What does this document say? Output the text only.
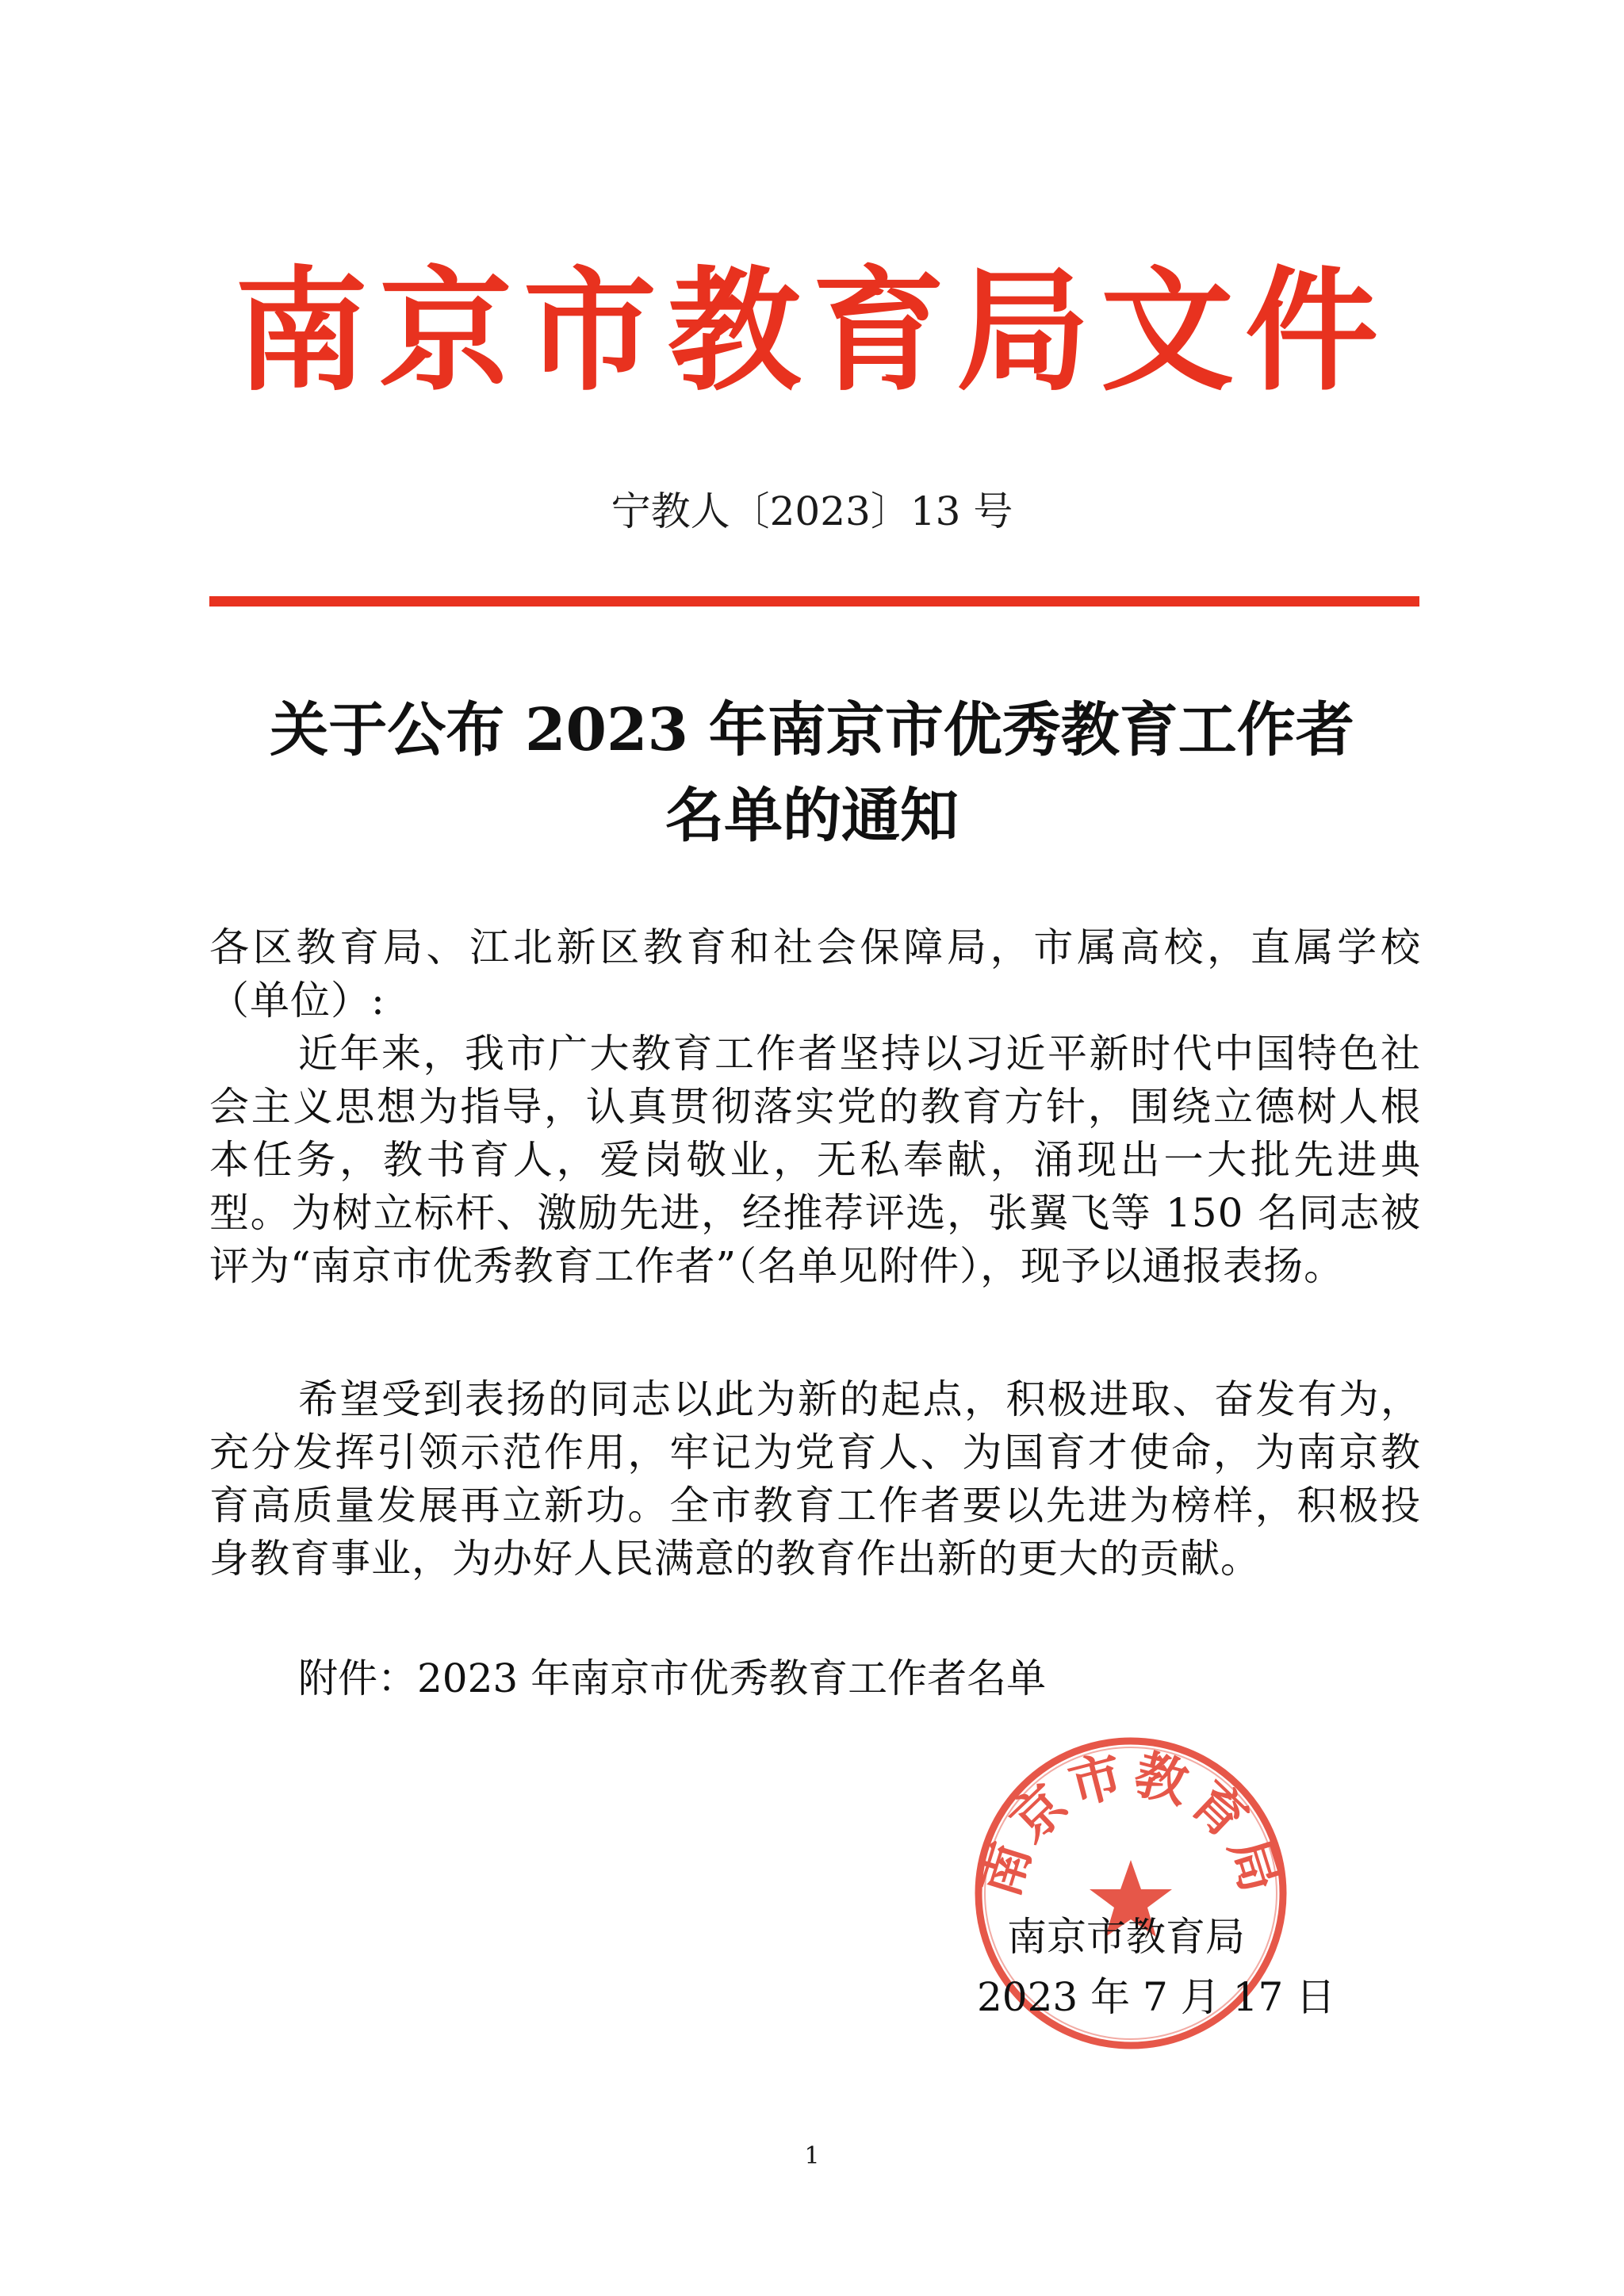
南京市教育局文件
宁教人〔2023〕13 号
关于公布 2023 年南京市优秀教育工作者
名单的通知
各区教育局、江北新区教育和社会保障局，市属高校，直属学校（单位）:
近年来，我市广大教育工作者坚持以习近平新时代中国特色社会主义思想为指导，认真贯彻落实党的教育方针，围绕立德树人根本任务，教书育人，爱岗敬业，无私奉献，涌现出一大批先进典型。为树立标杆、激励先进，经推荐评选，张翼飞等 150 名同志被评为“南京市优秀教育工作者”（名单见附件），现予以通报表扬。
希望受到表扬的同志以此为新的起点，积极进取、奋发有为，充分发挥引领示范作用，牢记为党育人、为国育才使命，为南京教育高质量发展再立新功。全市教育工作者要以先进为榜样，积极投身教育事业，为办好人民满意的教育作出新的更大的贡献。
附件：2023 年南京市优秀教育工作者名单
南京市教育局
南京市教育局
2023 年 7 月 17 日
1
